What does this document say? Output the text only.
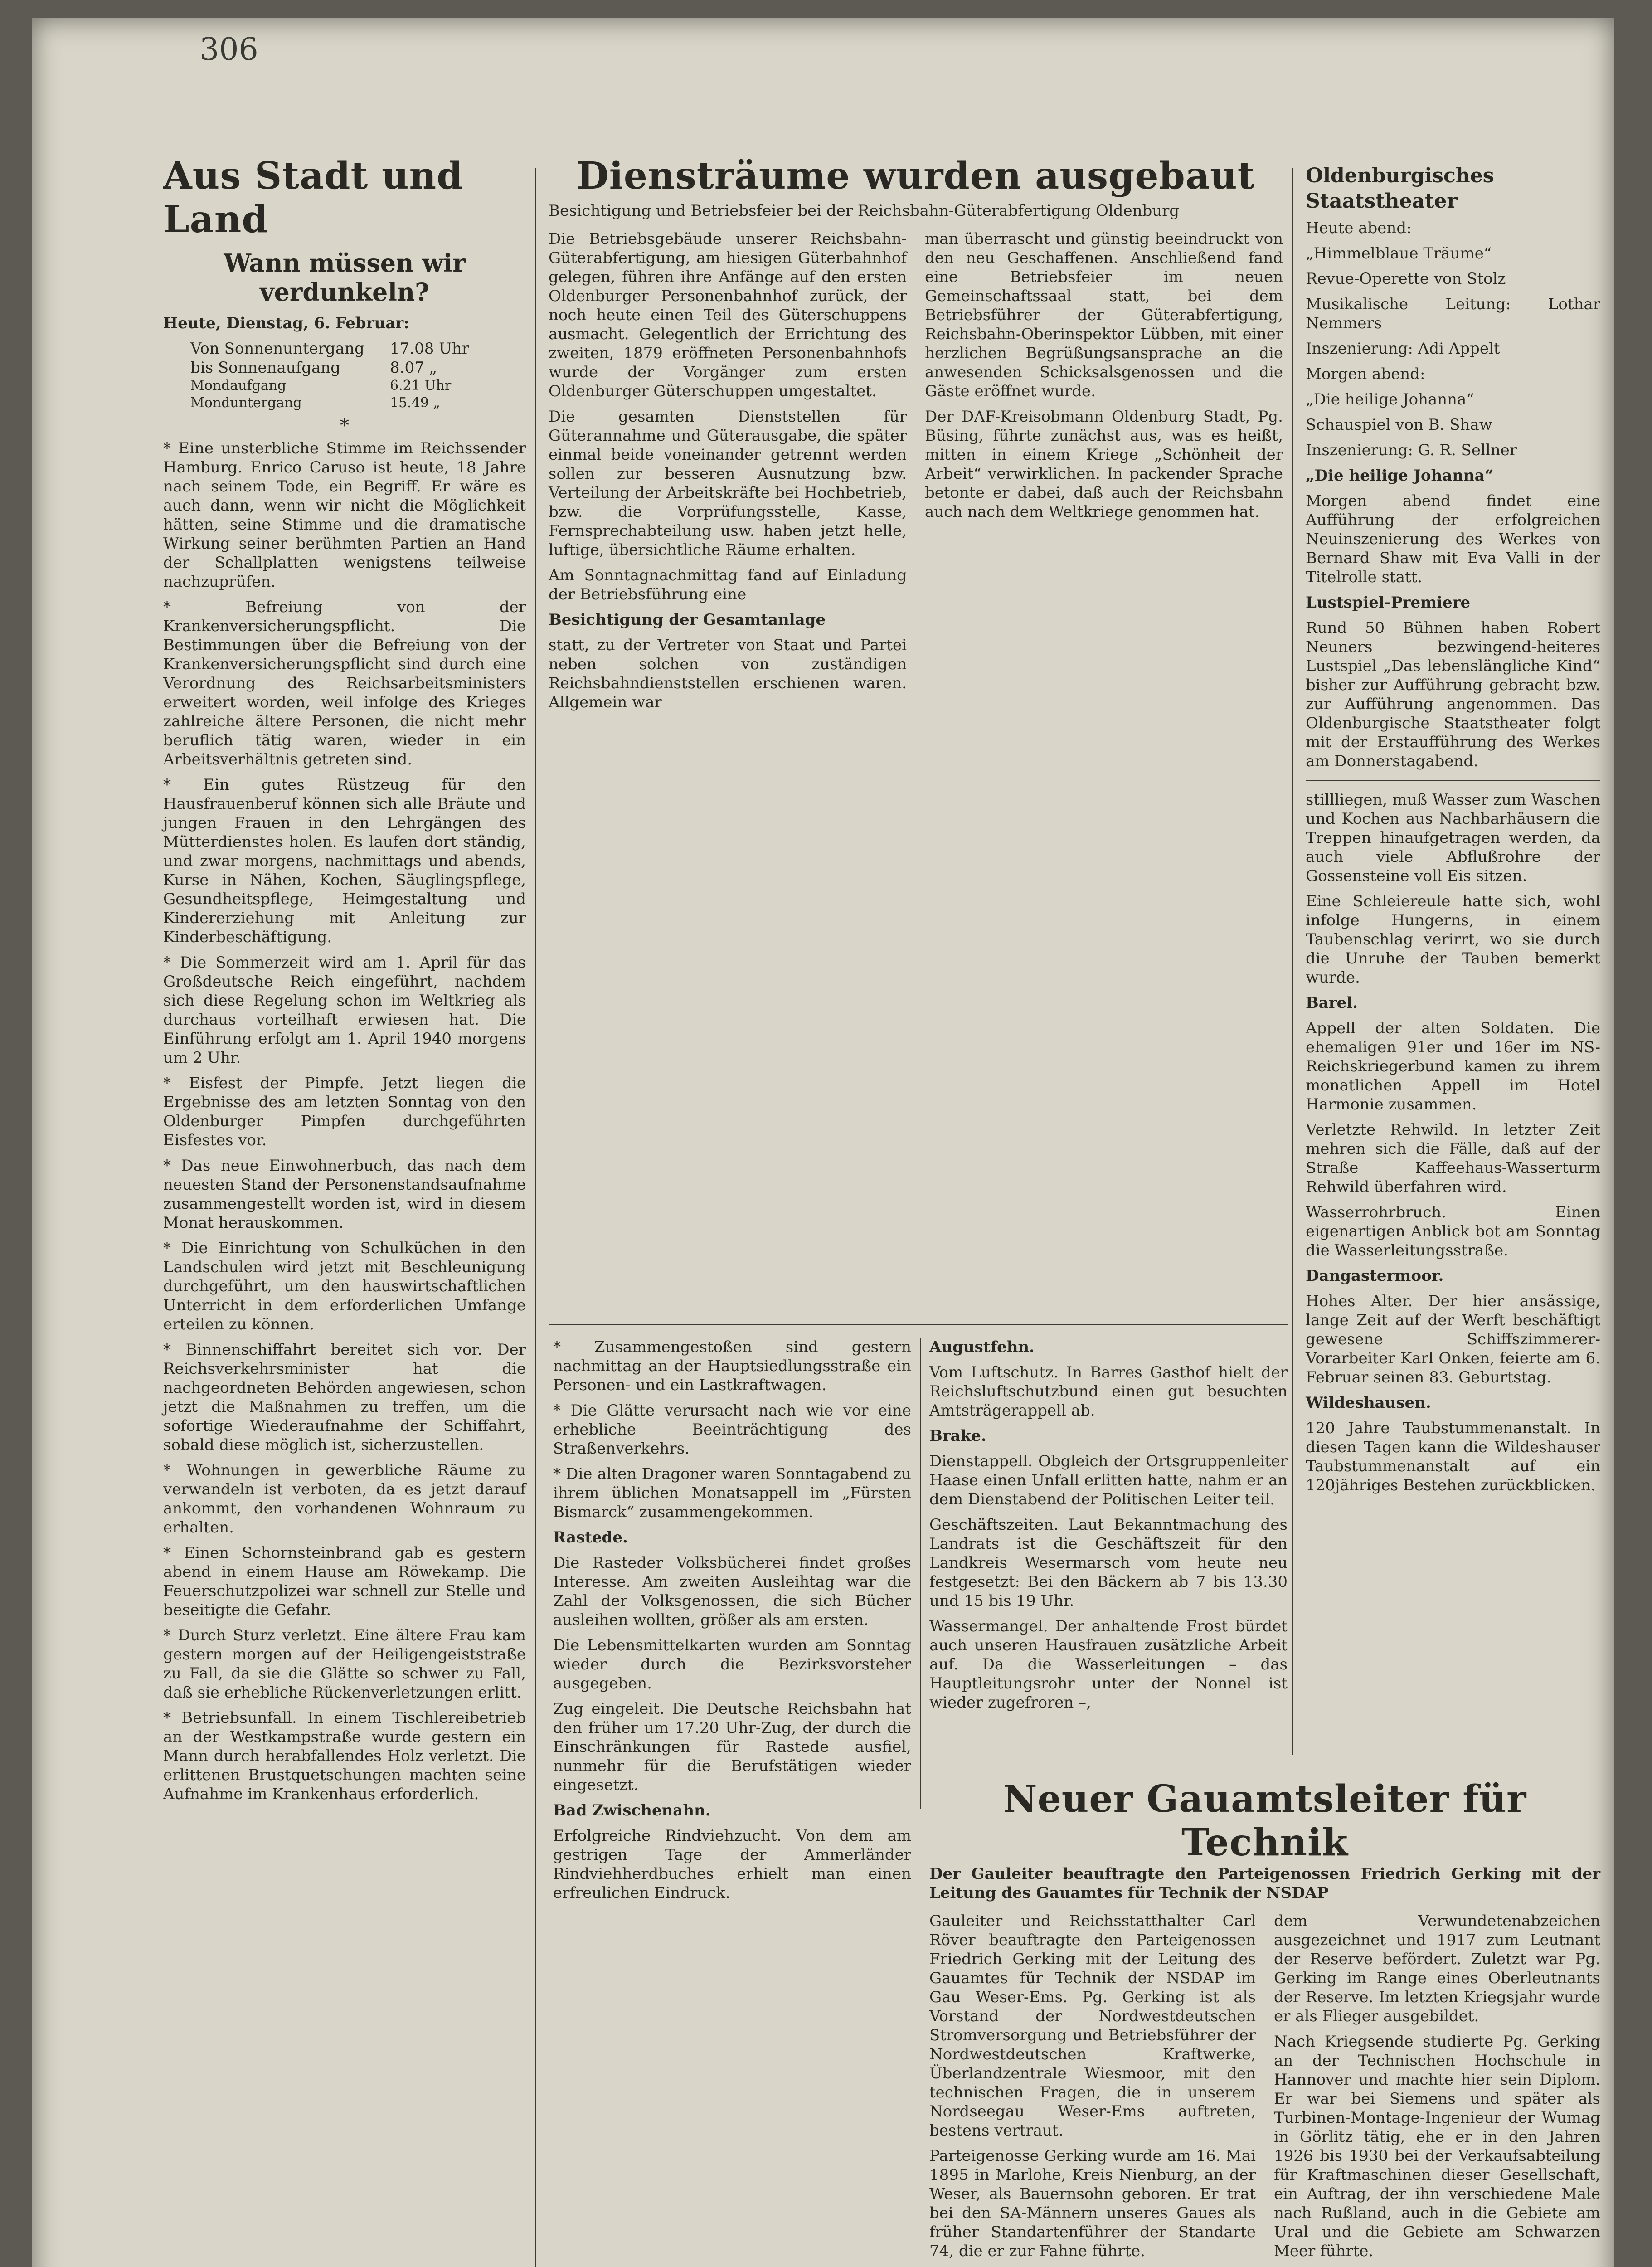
306
Aus Stadt und Land
Wann müssen wir verdunkeln?

Heute, Dienstag, 6. Februar:

Von Sonnenuntergang	17.08 Uhr
bis Sonnenaufgang	8.07 „
Mondaufgang	6.21 Uhr
Monduntergang	15.49 „
*

* Eine unsterbliche Stimme im Reichssender Hamburg. Enrico Caruso ist heute, 18 Jahre nach seinem Tode, ein Begriff. Er wäre es auch dann, wenn wir nicht die Möglichkeit hätten, seine Stimme und die dramatische Wirkung seiner berühmten Partien an Hand der Schallplatten wenigstens teilweise nachzuprüfen.

* Befreiung von der Krankenversicherungspflicht. Die Bestimmungen über die Befreiung von der Krankenversicherungspflicht sind durch eine Verordnung des Reichsarbeitsministers erweitert worden, weil infolge des Krieges zahlreiche ältere Personen, die nicht mehr beruflich tätig waren, wieder in ein Arbeitsverhältnis getreten sind.

* Ein gutes Rüstzeug für den Hausfrauenberuf können sich alle Bräute und jungen Frauen in den Lehrgängen des Mütterdienstes holen. Es laufen dort ständig, und zwar morgens, nachmittags und abends, Kurse in Nähen, Kochen, Säuglingspflege, Gesundheitspflege, Heimgestaltung und Kindererziehung mit Anleitung zur Kinderbeschäftigung.

* Die Sommerzeit wird am 1. April für das Großdeutsche Reich eingeführt, nachdem sich diese Regelung schon im Weltkrieg als durchaus vorteilhaft erwiesen hat. Die Einführung erfolgt am 1. April 1940 morgens um 2 Uhr.

* Eisfest der Pimpfe. Jetzt liegen die Ergebnisse des am letzten Sonntag von den Oldenburger Pimpfen durchgeführten Eisfestes vor.

* Das neue Einwohnerbuch, das nach dem neuesten Stand der Personenstandsaufnahme zusammengestellt worden ist, wird in diesem Monat herauskommen.

* Die Einrichtung von Schulküchen in den Landschulen wird jetzt mit Beschleunigung durchgeführt, um den hauswirtschaftlichen Unterricht in dem erforderlichen Umfange erteilen zu können.

* Binnenschiffahrt bereitet sich vor. Der Reichsverkehrsminister hat die nachgeordneten Behörden angewiesen, schon jetzt die Maßnahmen zu treffen, um die sofortige Wiederaufnahme der Schiffahrt, sobald diese möglich ist, sicherzustellen.

* Wohnungen in gewerbliche Räume zu verwandeln ist verboten, da es jetzt darauf ankommt, den vorhandenen Wohnraum zu erhalten.

* Einen Schornsteinbrand gab es gestern abend in einem Hause am Röwekamp. Die Feuerschutzpolizei war schnell zur Stelle und beseitigte die Gefahr.

* Durch Sturz verletzt. Eine ältere Frau kam gestern morgen auf der Heiligengeiststraße zu Fall, da sie die Glätte so schwer zu Fall, daß sie erhebliche Rückenverletzungen erlitt.

* Betriebsunfall. In einem Tischlereibetrieb an der Westkampstraße wurde gestern ein Mann durch herabfallendes Holz verletzt. Die erlittenen Brustquetschungen machten seine Aufnahme im Krankenhaus erforderlich.

Diensträume wurden ausgebaut

Besichtigung und Betriebsfeier bei der Reichsbahn-Güterabfertigung Oldenburg

Die Betriebsgebäude unserer Reichsbahn-Güterabfertigung, am hiesigen Güterbahnhof gelegen, führen ihre Anfänge auf den ersten Oldenburger Personenbahnhof zurück, der noch heute einen Teil des Güterschuppens ausmacht. Gelegentlich der Errichtung des zweiten, 1879 eröffneten Personenbahnhofs wurde der Vorgänger zum ersten Oldenburger Güterschuppen umgestaltet.

Die gesamten Dienststellen für Güterannahme und Güterausgabe, die später einmal beide voneinander getrennt werden sollen zur besseren Ausnutzung bzw. Verteilung der Arbeitskräfte bei Hochbetrieb, bzw. die Vorprüfungsstelle, Kasse, Fernsprechabteilung usw. haben jetzt helle, luftige, übersichtliche Räume erhalten.

Am Sonntagnachmittag fand auf Einladung der Betriebsführung eine

Besichtigung der Gesamtanlage

statt, zu der Vertreter von Staat und Partei neben solchen von zuständigen Reichsbahndienststellen erschienen waren. Allgemein war

man überrascht und günstig beeindruckt von den neu Geschaffenen. Anschließend fand eine Betriebsfeier im neuen Gemeinschaftssaal statt, bei dem Betriebsführer der Güterabfertigung, Reichsbahn-Oberinspektor Lübben, mit einer herzlichen Begrüßungsansprache an die anwesenden Schicksalsgenossen und die Gäste eröffnet wurde.

Der DAF-Kreisobmann Oldenburg Stadt, Pg. Büsing, führte zunächst aus, was es heißt, mitten in einem Kriege „Schönheit der Arbeit“ verwirklichen. In packender Sprache betonte er dabei, daß auch der Reichsbahn auch nach dem Weltkriege genommen hat.

Oldenburgisches Staatstheater

Heute abend:

„Himmelblaue Träume“

Revue-Operette von Stolz

Musikalische Leitung: Lothar Nemmers

Inszenierung: Adi Appelt

Morgen abend:

„Die heilige Johanna“

Schauspiel von B. Shaw

Inszenierung: G. R. Sellner

„Die heilige Johanna“

Morgen abend findet eine Aufführung der erfolgreichen Neuinszenierung des Werkes von Bernard Shaw mit Eva Valli in der Titelrolle statt.

Lustspiel-Premiere

Rund 50 Bühnen haben Robert Neuners bezwingend-heiteres Lustspiel „Das lebenslängliche Kind“ bisher zur Aufführung gebracht bzw. zur Aufführung angenommen. Das Oldenburgische Staatstheater folgt mit der Erstaufführung des Werkes am Donnerstagabend.

stillliegen, muß Wasser zum Waschen und Kochen aus Nachbarhäusern die Treppen hinaufgetragen werden, da auch viele Abflußrohre der Gossensteine voll Eis sitzen.

Eine Schleiereule hatte sich, wohl infolge Hungerns, in einem Taubenschlag verirrt, wo sie durch die Unruhe der Tauben bemerkt wurde.

Barel.

Appell der alten Soldaten. Die ehemaligen 91er und 16er im NS-Reichskriegerbund kamen zu ihrem monatlichen Appell im Hotel Harmonie zusammen.

Verletzte Rehwild. In letzter Zeit mehren sich die Fälle, daß auf der Straße Kaffeehaus-Wasserturm Rehwild überfahren wird.

Wasserrohrbruch. Einen eigenartigen Anblick bot am Sonntag die Wasserleitungsstraße.

Dangastermoor.

Hohes Alter. Der hier ansässige, lange Zeit auf der Werft beschäftigt gewesene Schiffszimmerer-Vorarbeiter Karl Onken, feierte am 6. Februar seinen 83. Geburtstag.

Wildeshausen.

120 Jahre Taubstummenanstalt. In diesen Tagen kann die Wildeshauser Taubstummenanstalt auf ein 120jähriges Bestehen zurückblicken.

* Zusammengestoßen sind gestern nachmittag an der Hauptsiedlungsstraße ein Personen- und ein Lastkraftwagen.

* Die Glätte verursacht nach wie vor eine erhebliche Beeinträchtigung des Straßenverkehrs.

* Die alten Dragoner waren Sonntagabend zu ihrem üblichen Monatsappell im „Fürsten Bismarck“ zusammengekommen.

Rastede.

Die Rasteder Volksbücherei findet großes Interesse. Am zweiten Ausleihtag war die Zahl der Volksgenossen, die sich Bücher ausleihen wollten, größer als am ersten.

Die Lebensmittelkarten wurden am Sonntag wieder durch die Bezirksvorsteher ausgegeben.

Zug eingeleit. Die Deutsche Reichsbahn hat den früher um 17.20 Uhr-Zug, der durch die Einschränkungen für Rastede ausfiel, nunmehr für die Berufstätigen wieder eingesetzt.

Bad Zwischenahn.

Erfolgreiche Rindviehzucht. Von dem am gestrigen Tage der Ammerländer Rindviehherdbuches erhielt man einen erfreulichen Eindruck.

Augustfehn.

Vom Luftschutz. In Barres Gasthof hielt der Reichsluftschutzbund einen gut besuchten Amtsträgerappell ab.

Brake.

Dienstappell. Obgleich der Ortsgruppenleiter Haase einen Unfall erlitten hatte, nahm er an dem Dienstabend der Politischen Leiter teil.

Geschäftszeiten. Laut Bekanntmachung des Landrats ist die Geschäftszeit für den Landkreis Wesermarsch vom heute neu festgesetzt: Bei den Bäckern ab 7 bis 13.30 und 15 bis 19 Uhr.

Wassermangel. Der anhaltende Frost bürdet auch unseren Hausfrauen zusätzliche Arbeit auf. Da die Wasserleitungen – das Hauptleitungsrohr unter der Nonnel ist wieder zugefroren –,

Neuer Gauamtsleiter für Technik

Der Gauleiter beauftragte den Parteigenossen Friedrich Gerking mit der Leitung des Gauamtes für Technik der NSDAP

Gauleiter und Reichsstatthalter Carl Röver beauftragte den Parteigenossen Friedrich Gerking mit der Leitung des Gauamtes für Technik der NSDAP im Gau Weser-Ems. Pg. Gerking ist als Vorstand der Nordwestdeutschen Stromversorgung und Betriebsführer der Nordwestdeutschen Kraftwerke, Überlandzentrale Wiesmoor, mit den technischen Fragen, die in unserem Nordseegau Weser-Ems auftreten, bestens vertraut.

Parteigenosse Gerking wurde am 16. Mai 1895 in Marlohe, Kreis Nienburg, an der Weser, als Bauernsohn geboren. Er trat bei den SA-Männern unseres Gaues als früher Standartenführer der Standarte 74, die er zur Fahne führte.

dem Verwundetenabzeichen ausgezeichnet und 1917 zum Leutnant der Reserve befördert. Zuletzt war Pg. Gerking im Range eines Oberleutnants der Reserve. Im letzten Kriegsjahr wurde er als Flieger ausgebildet.

Nach Kriegsende studierte Pg. Gerking an der Technischen Hochschule in Hannover und machte hier sein Diplom. Er war bei Siemens und später als Turbinen-Montage-Ingenieur der Wumag in Görlitz tätig, ehe er in den Jahren 1926 bis 1930 bei der Verkaufsabteilung für Kraftmaschinen dieser Gesellschaft, ein Auftrag, der ihn verschiedene Male nach Rußland, auch in die Gebiete am Ural und die Gebiete am Schwarzen Meer führte.
